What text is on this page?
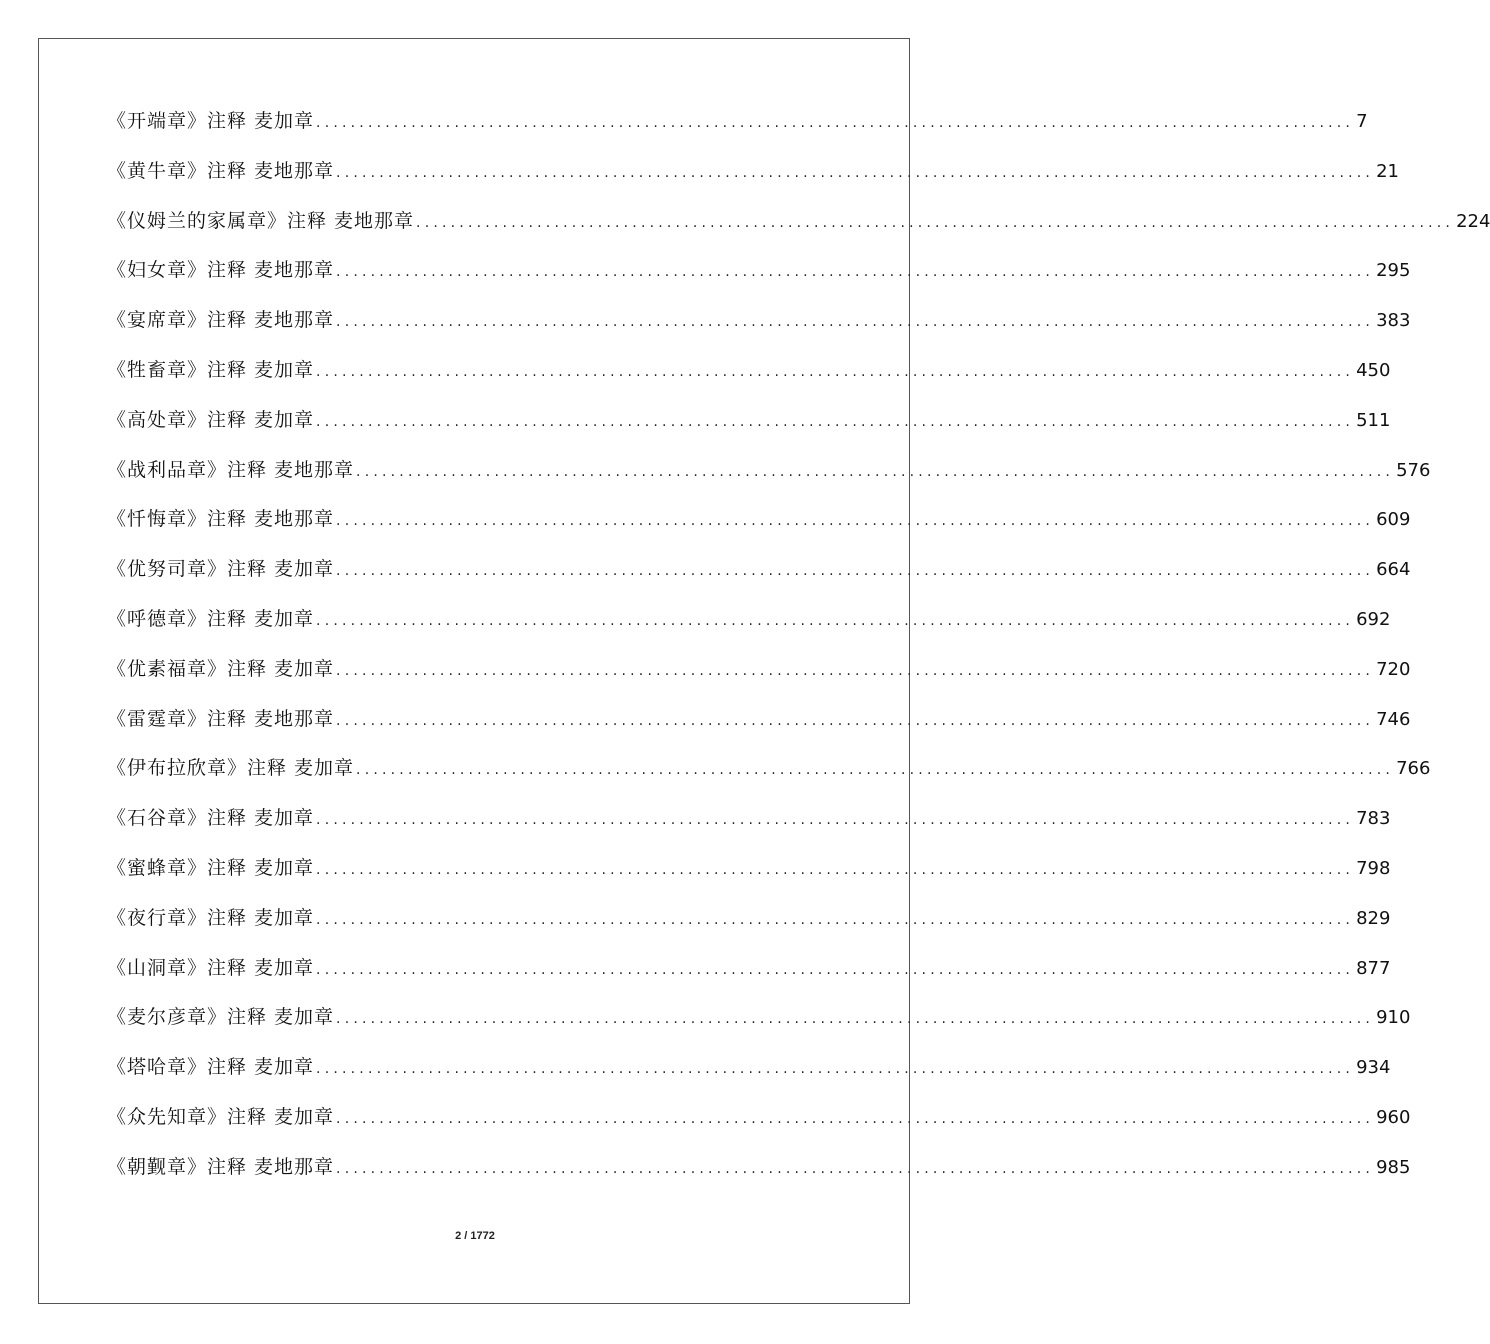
《开端章》注释 麦加章 ........................................................................................................................ 7
《黄牛章》注释 麦地那章 ........................................................................................................................ 21
《仪姆兰的家属章》注释 麦地那章 ........................................................................................................................ 224
《妇女章》注释 麦地那章 ........................................................................................................................ 295
《宴席章》注释 麦地那章 ........................................................................................................................ 383
《牲畜章》注释 麦加章 ........................................................................................................................ 450
《高处章》注释 麦加章 ........................................................................................................................ 511
《战利品章》注释 麦地那章 ........................................................................................................................ 576
《忏悔章》注释 麦地那章 ........................................................................................................................ 609
《优努司章》注释 麦加章 ........................................................................................................................ 664
《呼德章》注释 麦加章 ........................................................................................................................ 692
《优素福章》注释 麦加章 ........................................................................................................................ 720
《雷霆章》注释 麦地那章 ........................................................................................................................ 746
《伊布拉欣章》注释 麦加章 ........................................................................................................................ 766
《石谷章》注释 麦加章 ........................................................................................................................ 783
《蜜蜂章》注释 麦加章 ........................................................................................................................ 798
《夜行章》注释 麦加章 ........................................................................................................................ 829
《山洞章》注释 麦加章 ........................................................................................................................ 877
《麦尔彦章》注释 麦加章 ........................................................................................................................ 910
《塔哈章》注释 麦加章 ........................................................................................................................ 934
《众先知章》注释 麦加章 ........................................................................................................................ 960
《朝觐章》注释 麦地那章 ........................................................................................................................ 985
2 / 1772
